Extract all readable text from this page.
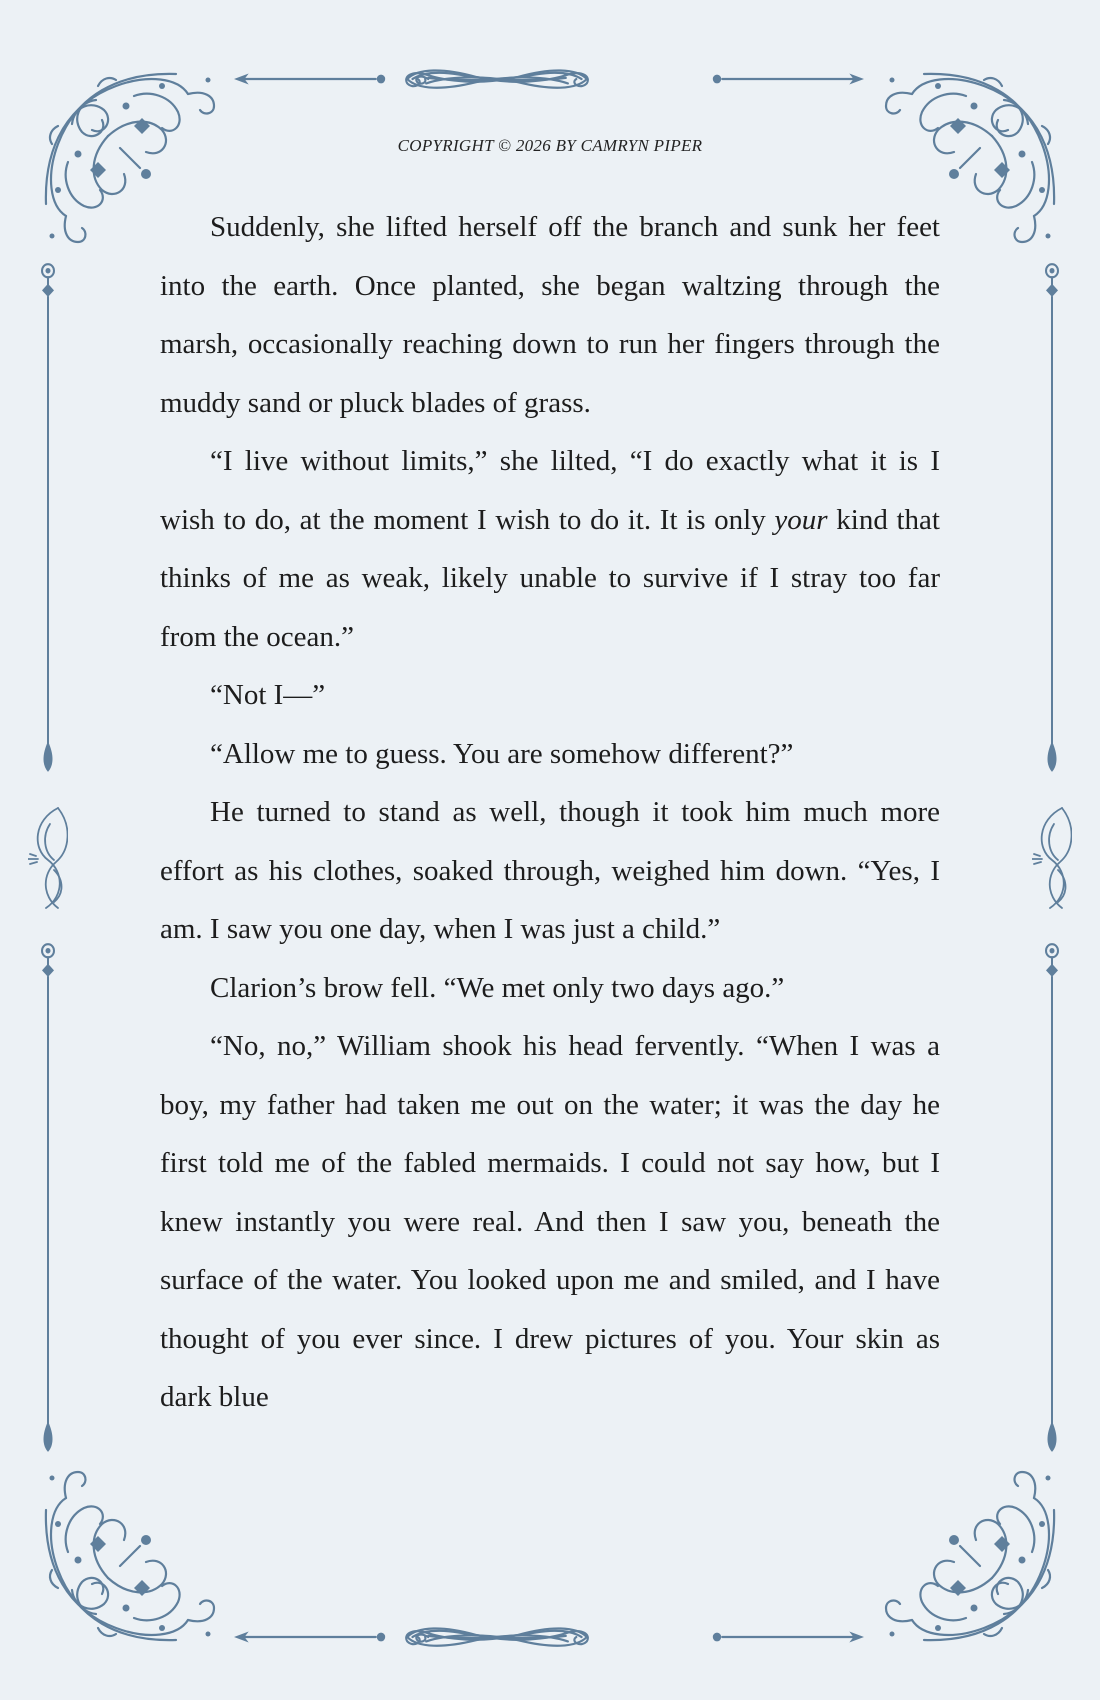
COPYRIGHT © 2026 BY CAMRYN PIPER

Suddenly, she lifted herself off the branch and sunk her feet into the earth. Once planted, she began waltzing through the marsh, occasionally reaching down to run her fingers through the muddy sand or pluck blades of grass.

“I live without limits,” she lilted, “I do exactly what it is I wish to do, at the moment I wish to do it. It is only your kind that thinks of me as weak, likely unable to survive if I stray too far from the ocean.”

“Not I—”

“Allow me to guess. You are somehow different?”

He turned to stand as well, though it took him much more effort as his clothes, soaked through, weighed him down. “Yes, I am. I saw you one day, when I was just a child.”

Clarion’s brow fell. “We met only two days ago.”

“No, no,” William shook his head fervently. “When I was a boy, my father had taken me out on the water; it was the day he first told me of the fabled mermaids. I could not say how, but I knew instantly you were real. And then I saw you, beneath the surface of the water. You looked upon me and smiled, and I have thought of you ever since. I drew pictures of you. Your skin as dark blue
